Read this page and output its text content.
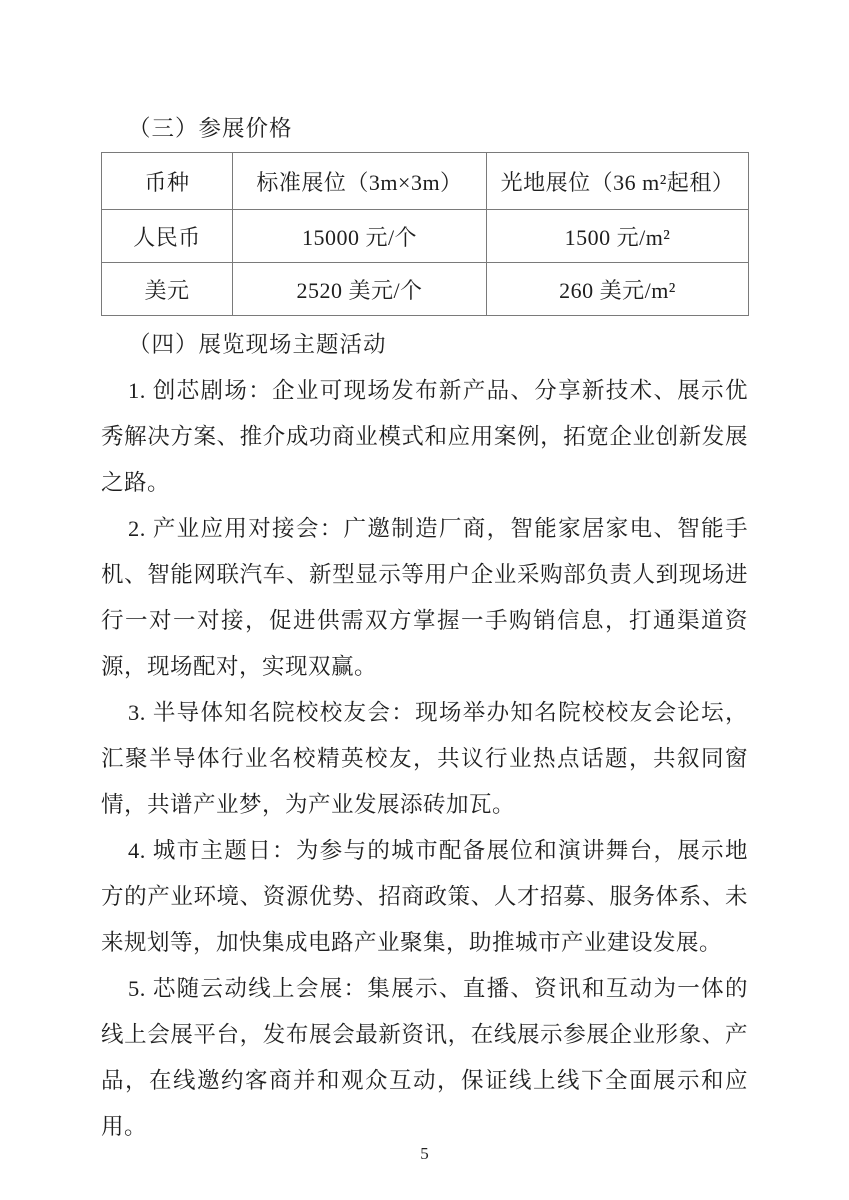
（三）参展价格
币种	标准展位（3m×3m）	光地展位（36 m²起租）
人民币	15000 元/个	1500 元/m²
美元	2520 美元/个	260 美元/m²
（四）展览现场主题活动

1. 创芯剧场：企业可现场发布新产品、分享新技术、展示优秀解决方案、推介成功商业模式和应用案例，拓宽企业创新发展之路。

2. 产业应用对接会：广邀制造厂商，智能家居家电、智能手机、智能网联汽车、新型显示等用户企业采购部负责人到现场进行一对一对接，促进供需双方掌握一手购销信息，打通渠道资源，现场配对，实现双赢。

3. 半导体知名院校校友会：现场举办知名院校校友会论坛，汇聚半导体行业名校精英校友，共议行业热点话题，共叙同窗情，共谱产业梦，为产业发展添砖加瓦。

4. 城市主题日：为参与的城市配备展位和演讲舞台，展示地方的产业环境、资源优势、招商政策、人才招募、服务体系、未来规划等，加快集成电路产业聚集，助推城市产业建设发展。

5. 芯随云动线上会展：集展示、直播、资讯和互动为一体的线上会展平台，发布展会最新资讯，在线展示参展企业形象、产品，在线邀约客商并和观众互动，保证线上线下全面展示和应用。

5
